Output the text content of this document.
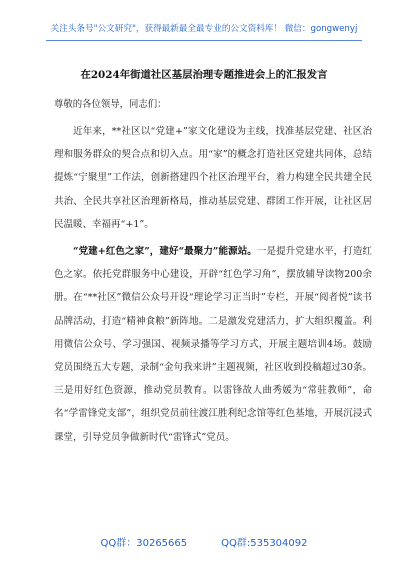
关注头条号"公文研究"，获得最新最全最专业的公文资料库！ 微信：gongwenyj
在2024年街道社区基层治理专题推进会上的汇报发言
尊敬的各位领导，同志们：

近年来，**社区以“党建+”家文化建设为主线，找准基层党建、社区治理和服务群众的契合点和切入点。用“家”的概念打造社区党建共同体，总结提炼“宁聚里”工作法，创新搭建四个社区治理平台，着力构建全民共建全民共治、全民共享社区治理新格局，推动基层党建、群团工作开展，让社区居民温暖、幸福再“+1”。

“党建+红色之家”，建好“最聚力”能源站。一是提升党建水平，打造红色之家。依托党群服务中心建设，开辟“红色学习角”，摆放辅导读物200余册。在“**社区”微信公众号开设“理论学习正当时”专栏，开展“阅者悦”读书品牌活动，打造“精神食粮”新阵地。二是激发党建活力，扩大组织覆盖。利用微信公众号、学习强国、视频录播等学习方式，开展主题培训4场。鼓励党员围绕五大专题，录制“金句我来讲”主题视频，社区收到投稿超过30条。三是用好红色资源，推动党员教育。以雷锋故人曲秀媛为“常驻教师”，命名“学雷锋党支部”，组织党员前往渡江胜利纪念馆等红色基地，开展沉浸式课堂，引导党员争做新时代“雷锋式”党员。

QQ群：30265665	QQ群:535304092
